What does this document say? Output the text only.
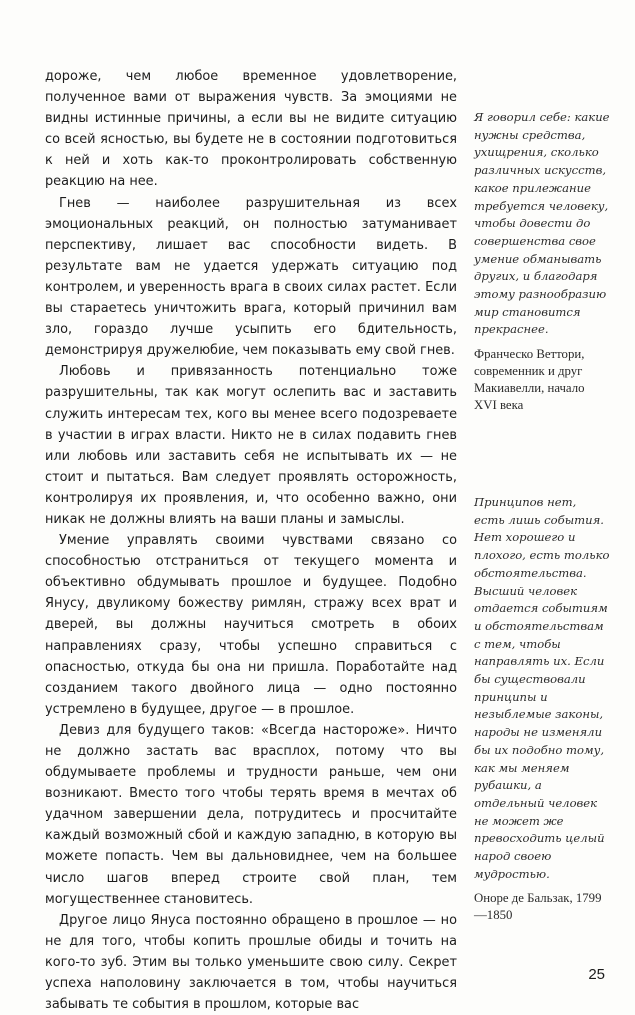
дороже, чем любое временное удовлетворение, полученное вами от выражения чувств. За эмоциями не видны истинные причины, а если вы не видите ситуацию со всей ясностью, вы будете не в состоянии подготовиться к ней и хоть как-то проконтролировать собственную реакцию на нее.

Гнев — наиболее разрушительная из всех эмоциональных реакций, он полностью затуманивает перспективу, лишает вас способности видеть. В результате вам не удается удержать ситуацию под контролем, и уверенность врага в своих силах растет. Если вы стараетесь уничтожить врага, который причинил вам зло, гораздо лучше усыпить его бдительность, демонстрируя дружелюбие, чем показывать ему свой гнев.

Любовь и привязанность потенциально тоже разрушительны, так как могут ослепить вас и заставить служить интересам тех, кого вы менее всего подозреваете в участии в играх власти. Никто не в силах подавить гнев или любовь или заставить себя не испытывать их — не стоит и пытаться. Вам следует проявлять осторожность, контролируя их проявления, и, что особенно важно, они никак не должны влиять на ваши планы и замыслы.

Умение управлять своими чувствами связано со способностью отстраниться от текущего момента и объективно обдумывать прошлое и будущее. Подобно Янусу, двуликому божеству римлян, стражу всех врат и дверей, вы должны научиться смотреть в обоих направлениях сразу, чтобы успешно справиться с опасностью, откуда бы она ни пришла. Поработайте над созданием такого двойного лица — одно постоянно устремлено в будущее, другое — в прошлое.

Девиз для будущего таков: «Всегда настороже». Ничто не должно застать вас врасплох, потому что вы обдумываете проблемы и трудности раньше, чем они возникают. Вместо того чтобы терять время в мечтах об удачном завершении дела, потрудитесь и просчитайте каждый возможный сбой и каждую западню, в которую вы можете попасть. Чем вы дальновиднее, чем на большее число шагов вперед строите свой план, тем могущественнее становитесь.

Другое лицо Януса постоянно обращено в прошлое — но не для того, чтобы копить прошлые обиды и точить на кого-то зуб. Этим вы только уменьшите свою силу. Секрет успеха наполовину заключается в том, чтобы научиться забывать те события в прошлом, которые вас

Я говорил себе: какие нужны средства, ухищрения, сколько различных искусств, какое прилежание требуется человеку, чтобы довести до совершенства свое умение обманывать других, и благодаря этому разнообразию мир становится прекраснее.

Франческо Веттори, современник и друг Макиавелли, начало XVI века

Принципов нет, есть лишь события. Нет хорошего и плохого, есть только обстоятельства. Высший человек отдается событиям и обстоятельствам с тем, чтобы направлять их. Если бы существовали принципы и незыблемые законы, народы не изменяли бы их подобно тому, как мы меняем рубашки, а отдельный человек не может же превосходить целый народ своею мудростью.

Оноре де Бальзак, 1799—1850

25
